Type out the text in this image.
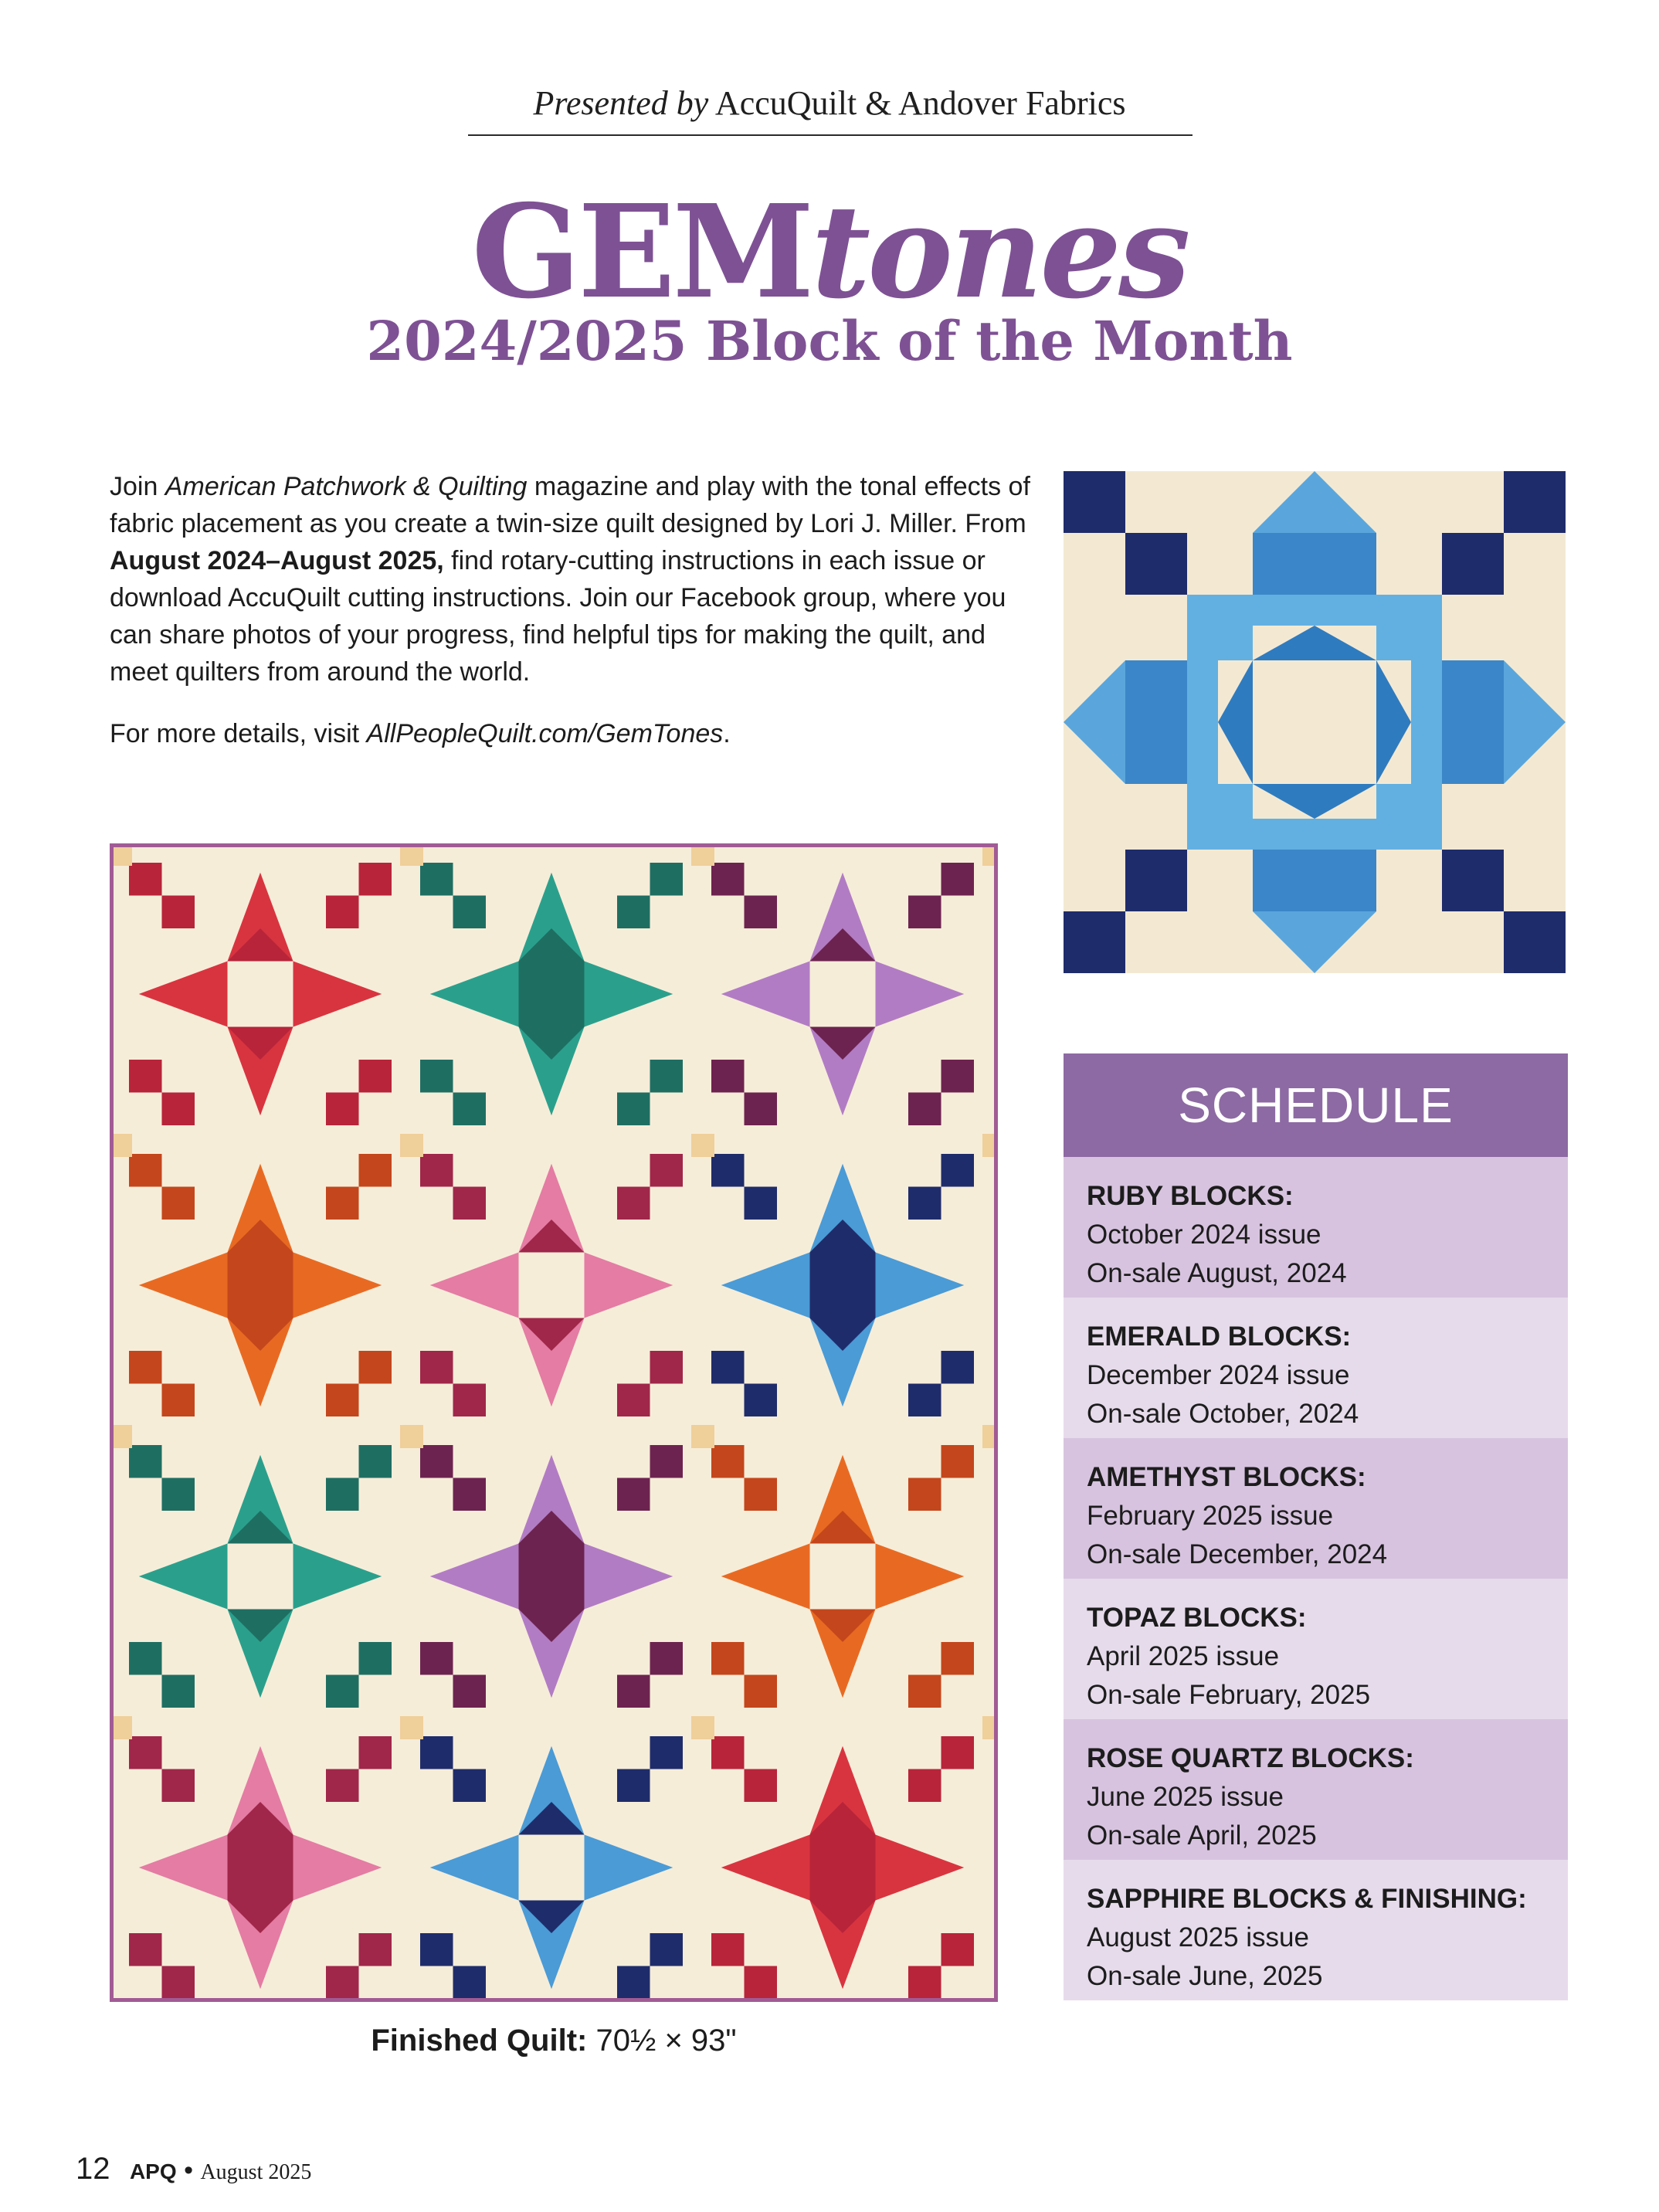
Presented by AccuQuilt & Andover Fabrics
GEMtones
2024/2025 Block of the Month

Join American Patchwork & Quilting magazine and play with the tonal effects of fabric placement as you create a twin-size quilt designed by Lori J. Miller. From August 2024–August 2025, find rotary-cutting instructions in each issue or download AccuQuilt cutting instructions. Join our Facebook group, where you can share photos of your progress, find helpful tips for making the quilt, and meet quilters from around the world.

For more details, visit AllPeopleQuilt.com/GemTones.

SCHEDULE
RUBY BLOCKS:
October 2024 issue
On-sale August, 2024
EMERALD BLOCKS:
December 2024 issue
On-sale October, 2024
AMETHYST BLOCKS:
February 2025 issue
On-sale December, 2024
TOPAZ BLOCKS:
April 2025 issue
On-sale February, 2025
ROSE QUARTZ BLOCKS:
June 2025 issue
On-sale April, 2025
SAPPHIRE BLOCKS & FINISHING:
August 2025 issue
On-sale June, 2025
Finished Quilt: 70½ × 93"
12 APQ • August 2025
